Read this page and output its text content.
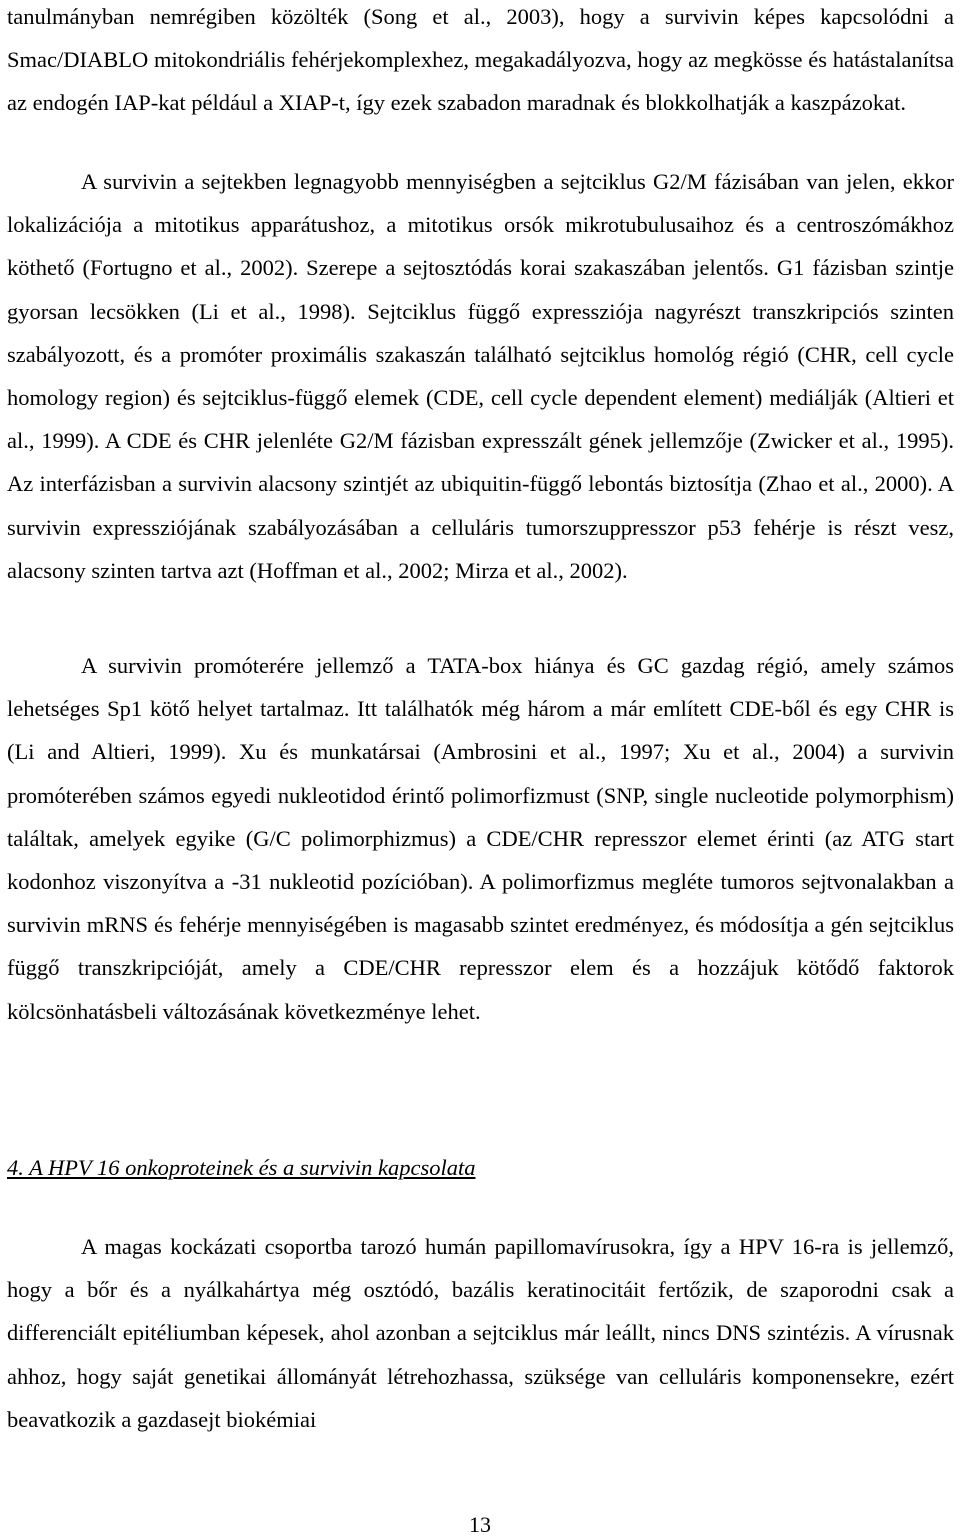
tanulmányban nemrégiben közölték (Song et al., 2003), hogy a survivin képes kapcsolódni a Smac/DIABLO mitokondriális fehérjekomplexhez, megakadályozva, hogy az megkösse és hatástalanítsa az endogén IAP-kat például a XIAP-t, így ezek szabadon maradnak és blokkolhatják a kaszpázokat.

A survivin a sejtekben legnagyobb mennyiségben a sejtciklus G2/M fázisában van jelen, ekkor lokalizációja a mitotikus apparátushoz, a mitotikus orsók mikrotubulusaihoz és a centroszómákhoz köthető (Fortugno et al., 2002). Szerepe a sejtosztódás korai szakaszában jelentős. G1 fázisban szintje gyorsan lecsökken (Li et al., 1998). Sejtciklus függő expressziója nagyrészt transzkripciós szinten szabályozott, és a promóter proximális szakaszán található sejtciklus homológ régió (CHR, cell cycle homology region) és sejtciklus-függő elemek (CDE, cell cycle dependent element) mediálják (Altieri et al., 1999). A CDE és CHR jelenléte G2/M fázisban expresszált gének jellemzője (Zwicker et al., 1995). Az interfázisban a survivin alacsony szintjét az ubiquitin-függő lebontás biztosítja (Zhao et al., 2000). A survivin expressziójának szabályozásában a celluláris tumorszuppresszor p53 fehérje is részt vesz, alacsony szinten tartva azt (Hoffman et al., 2002; Mirza et al., 2002).

A survivin promóterére jellemző a TATA-box hiánya és GC gazdag régió, amely számos lehetséges Sp1 kötő helyet tartalmaz. Itt találhatók még három a már említett CDE-ből és egy CHR is (Li and Altieri, 1999). Xu és munkatársai (Ambrosini et al., 1997; Xu et al., 2004) a survivin promóterében számos egyedi nukleotidod érintő polimorfizmust (SNP, single nucleotide polymorphism) találtak, amelyek egyike (G/C polimorphizmus) a CDE/CHR represszor elemet érinti (az ATG start kodonhoz viszonyítva a -31 nukleotid pozícióban). A polimorfizmus megléte tumoros sejtvonalakban a survivin mRNS és fehérje mennyiségében is magasabb szintet eredményez, és módosítja a gén sejtciklus függő transzkripcióját, amely a CDE/CHR represszor elem és a hozzájuk kötődő faktorok kölcsönhatásbeli változásának következménye lehet.

4. A HPV 16 onkoproteinek és a survivin kapcsolata

A magas kockázati csoportba tarozó humán papillomavírusokra, így a HPV 16-ra is jellemző, hogy a bőr és a nyálkahártya még osztódó, bazális keratinocitáit fertőzik, de szaporodni csak a differenciált epitéliumban képesek, ahol azonban a sejtciklus már leállt, nincs DNS szintézis. A vírusnak ahhoz, hogy saját genetikai állományát létrehozhassa, szüksége van celluláris komponensekre, ezért beavatkozik a gazdasejt biokémiai

13
